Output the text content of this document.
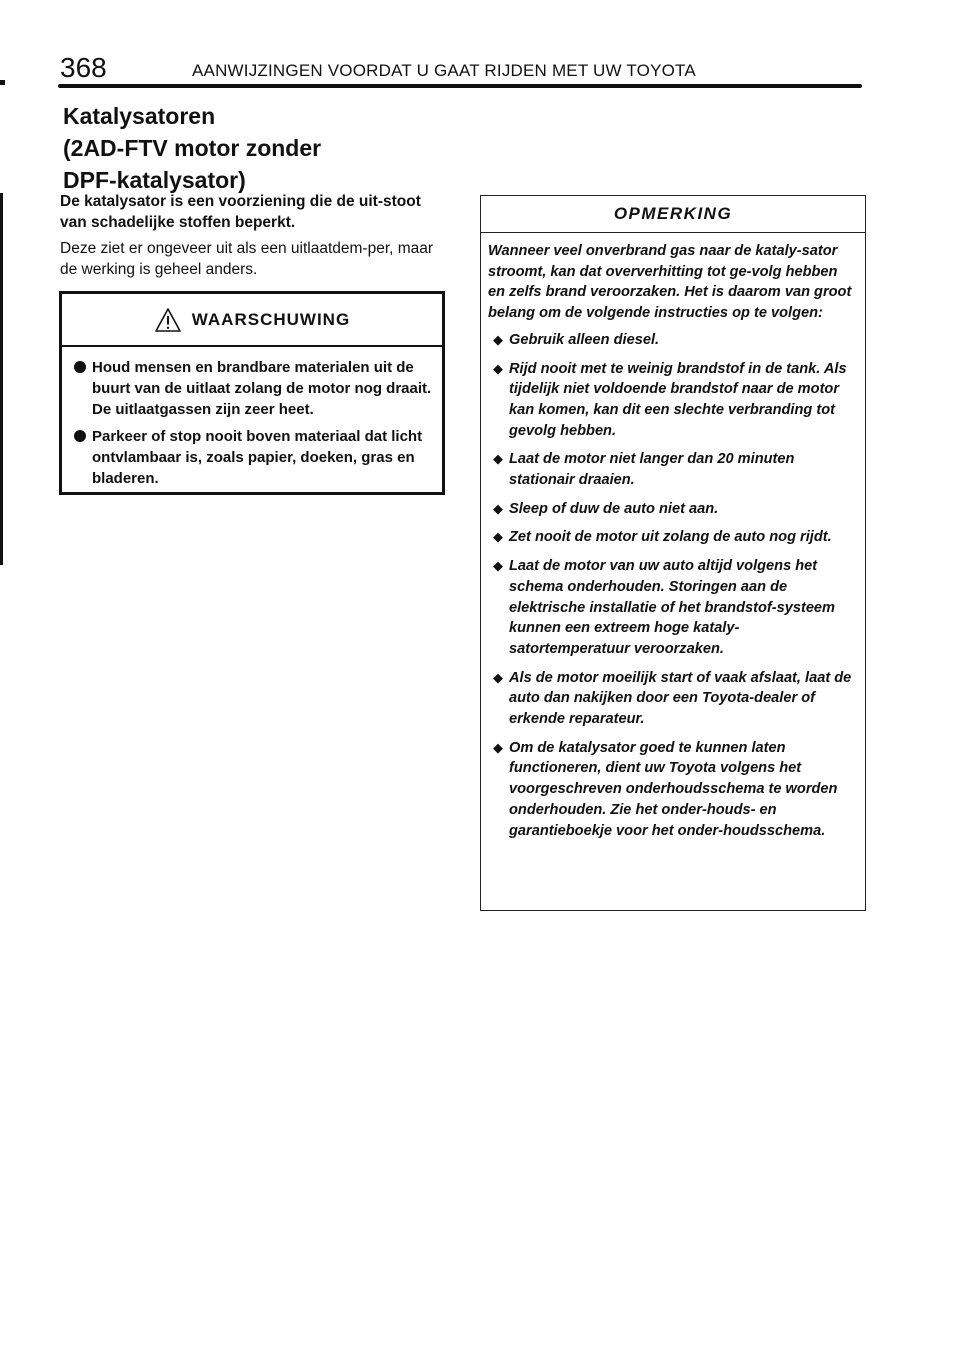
368	AANWIJZINGEN VOORDAT U GAAT RIJDEN MET UW TOYOTA
Katalysatoren
(2AD-FTV motor zonder
DPF-katalysator)

De katalysator is een voorziening die de uit-stoot van schadelijke stoffen beperkt.

Deze ziet er ongeveer uit als een uitlaatdem-per, maar de werking is geheel anders.

WAARSCHUWING
Houd mensen en brandbare materialen uit de buurt van de uitlaat zolang de motor nog draait. De uitlaatgassen zijn zeer heet.
Parkeer of stop nooit boven materiaal dat licht ontvlambaar is, zoals papier, doeken, gras en bladeren.
OPMERKING

Wanneer veel onverbrand gas naar de kataly-sator stroomt, kan dat oververhitting tot ge-volg hebben en zelfs brand veroorzaken. Het is daarom van groot belang om de volgende instructies op te volgen:

◆ Gebruik alleen diesel.
◆ Rijd nooit met te weinig brandstof in de tank. Als tijdelijk niet voldoende brandstof naar de motor kan komen, kan dit een slechte verbranding tot gevolg hebben.
◆ Laat de motor niet langer dan 20 minuten stationair draaien.
◆ Sleep of duw de auto niet aan.
◆ Zet nooit de motor uit zolang de auto nog rijdt.
◆ Laat de motor van uw auto altijd volgens het schema onderhouden. Storingen aan de elektrische installatie of het brandstof-systeem kunnen een extreem hoge kataly-satortemperatuur veroorzaken.
◆ Als de motor moeilijk start of vaak afslaat, laat de auto dan nakijken door een Toyota-dealer of erkende reparateur.
◆ Om de katalysator goed te kunnen laten functioneren, dient uw Toyota volgens het voorgeschreven onderhoudsschema te worden onderhouden. Zie het onder-houds- en garantieboekje voor het onder-houdsschema.
